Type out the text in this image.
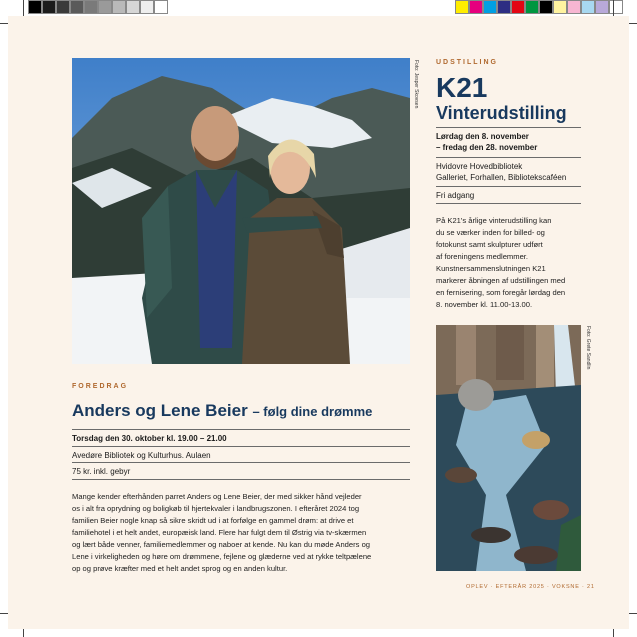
Foto: Jesper Skovsen UDSTILLING
K21
Vinterudstilling
Lørdag den 8. november
– fredag den 28. november
Hvidovre Hovedbibliotek
Galleriet, Forhallen, Bibliotekscaféen
Fri adgang
På K21's årlige vinterudstilling kan
du se værker inden for billed- og
fotokunst samt skulpturer udført
af foreningens medlemmer.
Kunstnersammenslutningen K21
markerer åbningen af udstillingen med
en fernisering, som foregår lørdag den
8. november kl. 11.00-13.00.
Foto: Grete Sandlin
FOREDRAG
Anders og Lene Beier – følg dine drømme
Torsdag den 30. oktober kl. 19.00 – 21.00
Avedøre Bibliotek og Kulturhus. Aulaen
75 kr. inkl. gebyr
Mange kender efterhånden parret Anders og Lene Beier, der med sikker hånd vejleder
os i alt fra oprydning og boligkøb til hjertekvaler i landbrugszonen. I efteråret 2024 tog
familien Beier nogle knap så sikre skridt ud i at forfølge en gammel drøm: at drive et
familiehotel i et helt andet, europæisk land. Flere har fulgt dem til Østrig via tv-skærmen
og lært både venner, familiemedlemmer og naboer at kende. Nu kan du møde Anders og
Lene i virkeligheden og høre om drømmene, fejlene og glæderne ved at rykke teltpælene
op og prøve kræfter med et helt andet sprog og en anden kultur.
OPLEV · EFTERÅR 2025 · VOKSNE · 21
